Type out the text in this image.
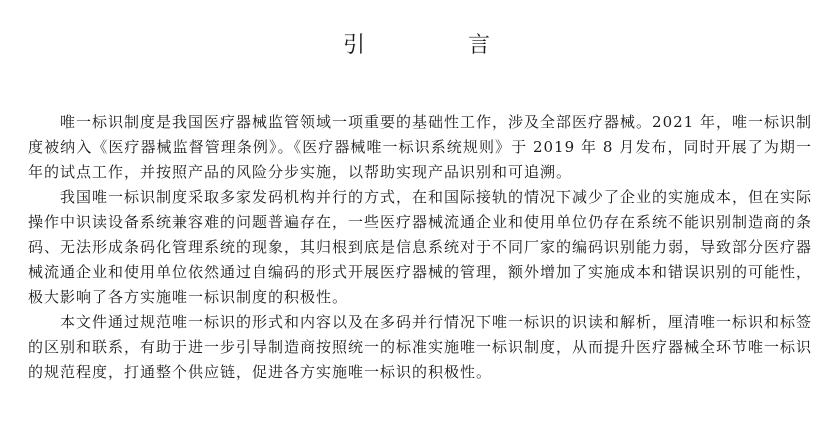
引 言

唯一标识制度是我国医疗器械监管领域一项重要的基础性工作，涉及全部医疗器械。2021 年，唯一标识制度被纳入《医疗器械监督管理条例》。《医疗器械唯一标识系统规则》于 2019 年 8 月发布，同时开展了为期一年的试点工作，并按照产品的风险分步实施，以帮助实现产品识别和可追溯。

我国唯一标识制度采取多家发码机构并行的方式，在和国际接轨的情况下减少了企业的实施成本，但在实际操作中识读设备系统兼容难的问题普遍存在，一些医疗器械流通企业和使用单位仍存在系统不能识别制造商的条码、无法形成条码化管理系统的现象，其归根到底是信息系统对于不同厂家的编码识别能力弱，导致部分医疗器械流通企业和使用单位依然通过自编码的形式开展医疗器械的管理，额外增加了实施成本和错误识别的可能性，极大影响了各方实施唯一标识制度的积极性。

本文件通过规范唯一标识的形式和内容以及在多码并行情况下唯一标识的识读和解析，厘清唯一标识和标签的区别和联系，有助于进一步引导制造商按照统一的标准实施唯一标识制度，从而提升医疗器械全环节唯一标识的规范程度，打通整个供应链，促进各方实施唯一标识的积极性。
